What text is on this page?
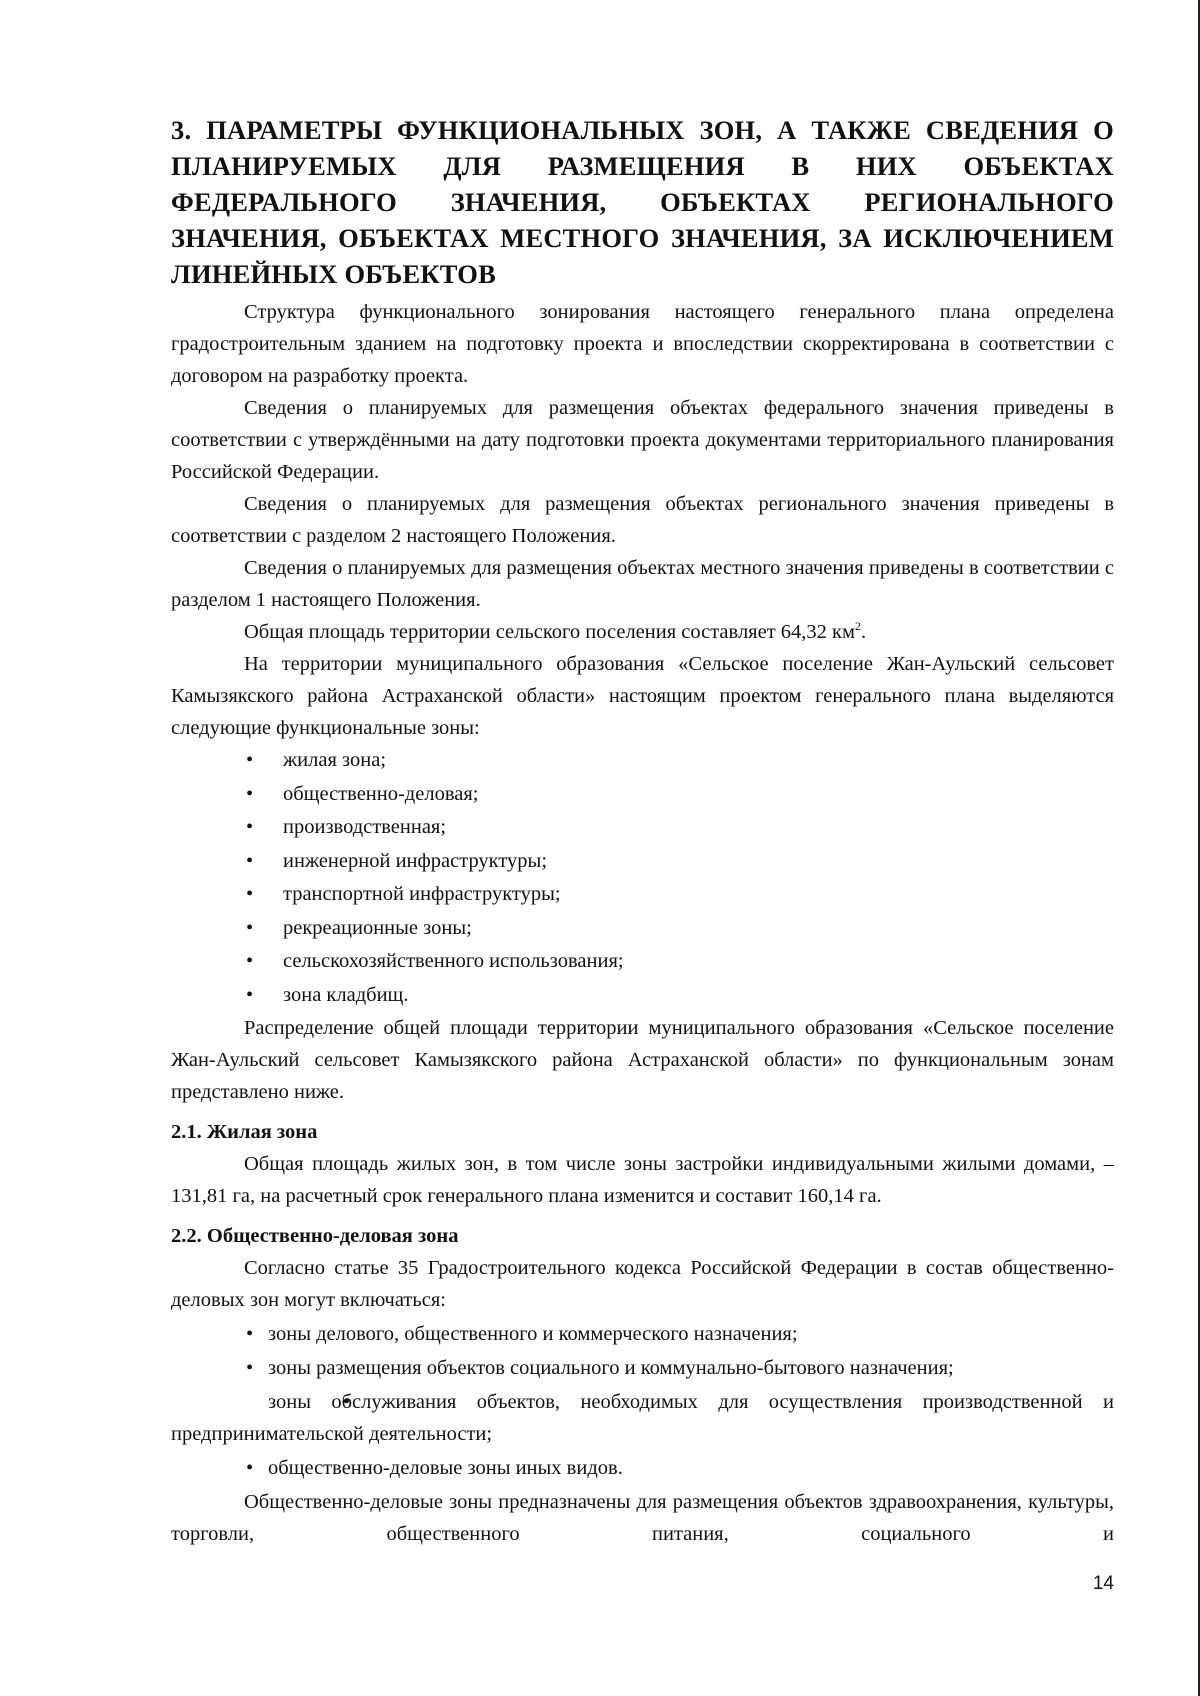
3. ПАРАМЕТРЫ ФУНКЦИОНАЛЬНЫХ ЗОН, А ТАКЖЕ СВЕДЕНИЯ О ПЛАНИРУЕМЫХ ДЛЯ РАЗМЕЩЕНИЯ В НИХ ОБЪЕКТАХ ФЕДЕРАЛЬНОГО ЗНАЧЕНИЯ, ОБЪЕКТАХ РЕГИОНАЛЬНОГО ЗНАЧЕНИЯ, ОБЪЕКТАХ МЕСТНОГО ЗНАЧЕНИЯ, ЗА ИСКЛЮЧЕНИЕМ ЛИНЕЙНЫХ ОБЪЕКТОВ

Структура функционального зонирования настоящего генерального плана определена градостроительным зданием на подготовку проекта и впоследствии скорректирована в соответствии с договором на разработку проекта.

Сведения о планируемых для размещения объектах федерального значения приведены в соответствии с утверждёнными на дату подготовки проекта документами территориального планирования Российской Федерации.

Сведения о планируемых для размещения объектах регионального значения приведены в соответствии с разделом 2 настоящего Положения.

Сведения о планируемых для размещения объектах местного значения приведены в соответствии с разделом 1 настоящего Положения.

Общая площадь территории сельского поселения составляет 64,32 $км^2$.

На территории муниципального образования «Сельское поселение Жан-Аульский сельсовет Камызякского района Астраханской области» настоящим проектом генерального плана выделяются следующие функциональные зоны:

• жилая зона;
• общественно-деловая;
• производственная;
• инженерной инфраструктуры;
• транспортной инфраструктуры;
• рекреационные зоны;
• сельскохозяйственного использования;
• зона кладбищ.

Распределение общей площади территории муниципального образования «Сельское поселение Жан-Аульский сельсовет Камызякского района Астраханской области» по функциональным зонам представлено ниже.

2.1. Жилая зона

Общая площадь жилых зон, в том числе зоны застройки индивидуальными жилыми домами, – 131,81 га, на расчетный срок генерального плана изменится и составит 160,14 га.

2.2. Общественно-деловая зона

Согласно статье 35 Градостроительного кодекса Российской Федерации в состав общественно-деловых зон могут включаться:

• зоны делового, общественного и коммерческого назначения;
• зоны размещения объектов социального и коммунально-бытового назначения;
• зоны обслуживания объектов, необходимых для осуществления производственной и предпринимательской деятельности;
• общественно-деловые зоны иных видов.

Общественно-деловые зоны предназначены для размещения объектов здравоохранения, культуры, торговли, общественного питания, социального и

14
